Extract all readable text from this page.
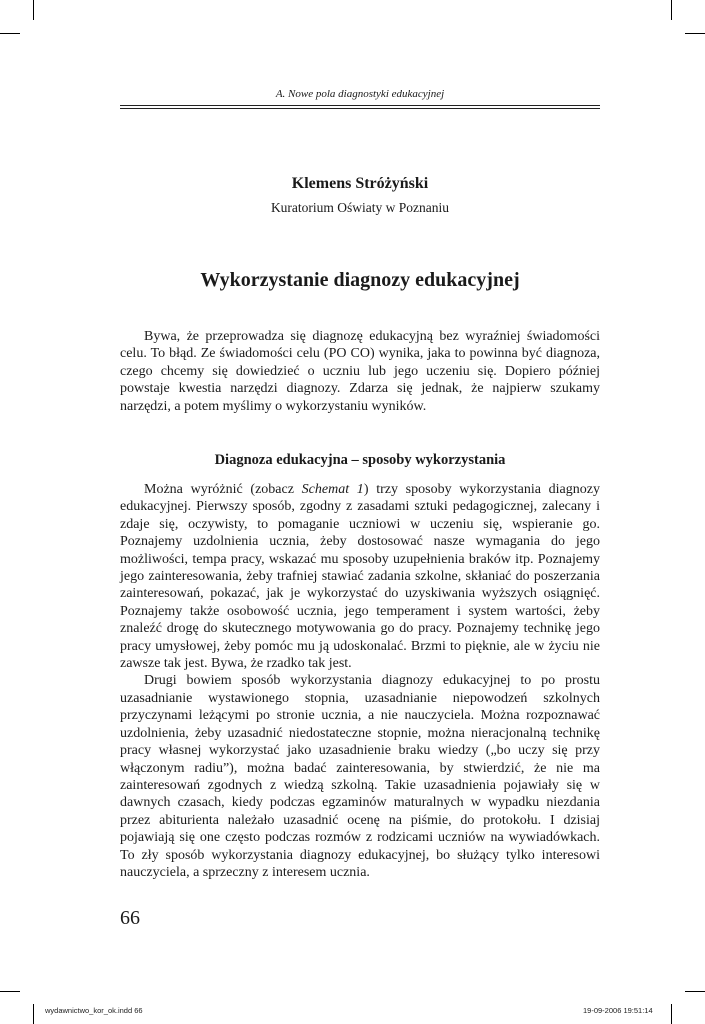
A. Nowe pola diagnostyki edukacyjnej
Klemens Stróżyński
Kuratorium Oświaty w Poznaniu
Wykorzystanie diagnozy edukacyjnej

Bywa, że przeprowadza się diagnozę edukacyjną bez wyraźniej świadomości celu. To błąd. Ze świadomości celu (PO CO) wynika, jaka to powinna być diagnoza, czego chcemy się dowiedzieć o uczniu lub jego uczeniu się. Dopiero później powstaje kwestia narzędzi diagnozy. Zdarza się jednak, że najpierw szukamy narzędzi, a potem myślimy o wykorzystaniu wyników.

Diagnoza edukacyjna – sposoby wykorzystania

Można wyróżnić (zobacz Schemat 1) trzy sposoby wykorzystania diagnozy edukacyjnej. Pierwszy sposób, zgodny z zasadami sztuki pedagogicznej, zalecany i zdaje się, oczywisty, to pomaganie uczniowi w uczeniu się, wspieranie go. Poznajemy uzdolnienia ucznia, żeby dostosować nasze wymagania do jego możliwości, tempa pracy, wskazać mu sposoby uzupełnienia braków itp. Poznajemy jego zainteresowania, żeby trafniej stawiać zadania szkolne, skłaniać do poszerzania zainteresowań, pokazać, jak je wykorzystać do uzyskiwania wyższych osiągnięć. Poznajemy także osobowość ucznia, jego temperament i system wartości, żeby znaleźć drogę do skutecznego motywowania go do pracy. Poznajemy technikę jego pracy umysłowej, żeby pomóc mu ją udoskonalać. Brzmi to pięknie, ale w życiu nie zawsze tak jest. Bywa, że rzadko tak jest.

Drugi bowiem sposób wykorzystania diagnozy edukacyjnej to po prostu uzasadnianie wystawionego stopnia, uzasadnianie niepowodzeń szkolnych przyczynami leżącymi po stronie ucznia, a nie nauczyciela. Można rozpoznawać uzdolnienia, żeby uzasadnić niedostateczne stopnie, można nieracjonalną technikę pracy własnej wykorzystać jako uzasadnienie braku wiedzy („bo uczy się przy włączonym radiu”), można badać zainteresowania, by stwierdzić, że nie ma zainteresowań zgodnych z wiedzą szkolną. Takie uzasadnienia pojawiały się w dawnych czasach, kiedy podczas egzaminów maturalnych w wypadku niezdania przez abiturienta należało uzasadnić ocenę na piśmie, do protokołu. I dzisiaj pojawiają się one często podczas rozmów z rodzicami uczniów na wywiadówkach. To zły sposób wykorzystania diagnozy edukacyjnej, bo służący tylko interesowi nauczyciela, a sprzeczny z interesem ucznia.

66
wydawnictwo_kor_ok.indd 66	19-09-2006 19:51:14
